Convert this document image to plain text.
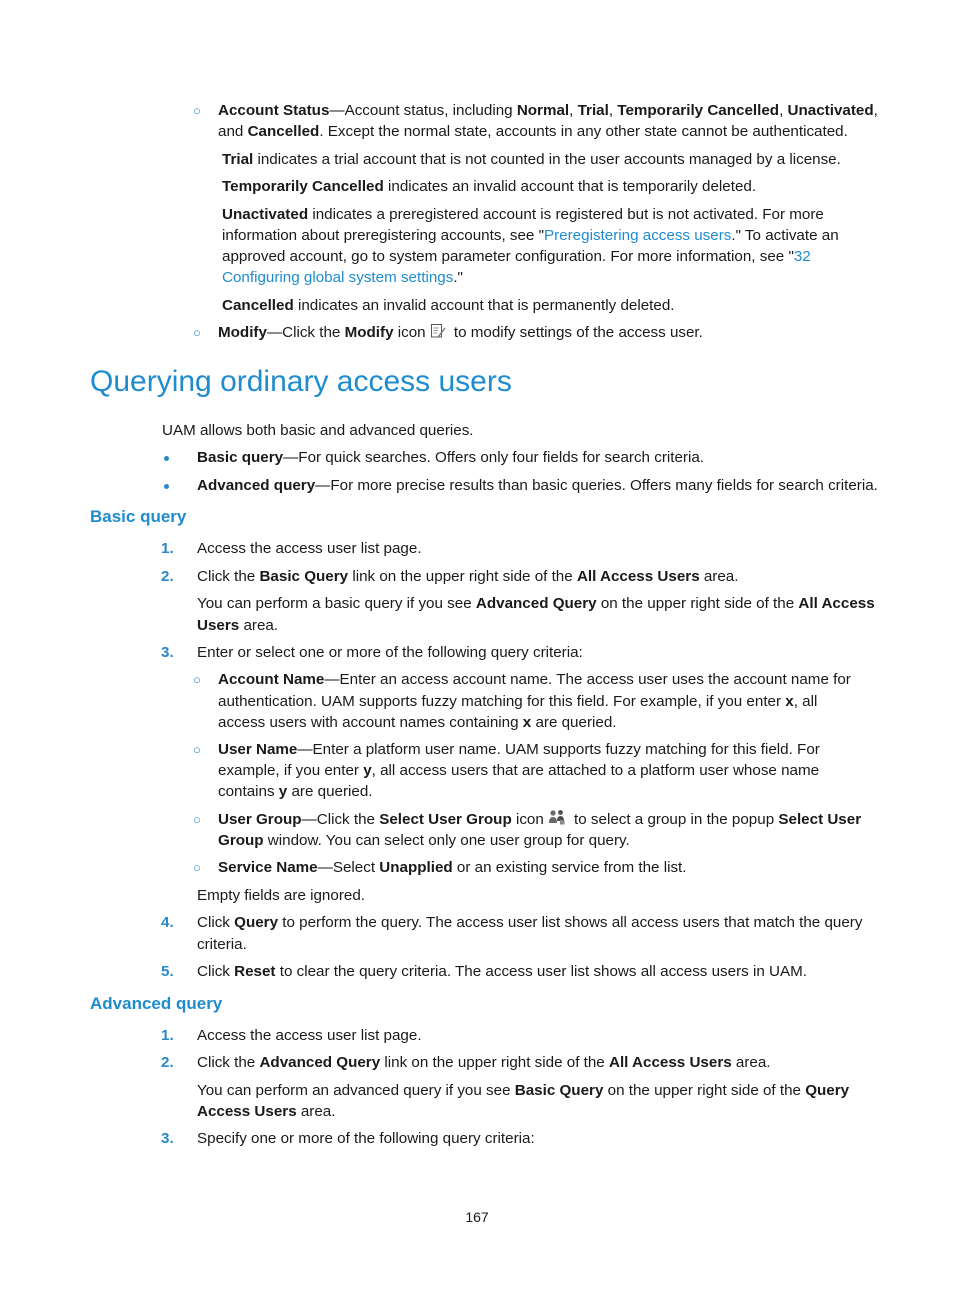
○ Account Status—Account status, including Normal, Trial, Temporarily Cancelled, Unactivated,
and Cancelled. Except the normal state, accounts in any other state cannot be authenticated.
Trial indicates a trial account that is not counted in the user accounts managed by a license.
Temporarily Cancelled indicates an invalid account that is temporarily deleted.
Unactivated indicates a preregistered account is registered but is not activated. For more
information about preregistering accounts, see "Preregistering access users." To activate an
approved account, go to system parameter configuration. For more information, see "32
Configuring global system settings."
Cancelled indicates an invalid account that is permanently deleted.
○ Modify—Click the Modify icon to modify settings of the access user.
Querying ordinary access users
UAM allows both basic and advanced queries.
Basic query—For quick searches. Offers only four fields for search criteria.
Advanced query—For more precise results than basic queries. Offers many fields for search criteria.
Basic query
1. Access the access user list page.
2. Click the Basic Query link on the upper right side of the All Access Users area.
You can perform a basic query if you see Advanced Query on the upper right side of the All Access
Users area.
3. Enter or select one or more of the following query criteria:
○ Account Name—Enter an access account name. The access user uses the account name for
authentication. UAM supports fuzzy matching for this field. For example, if you enter x, all
access users with account names containing x are queried.
○ User Name—Enter a platform user name. UAM supports fuzzy matching for this field. For
example, if you enter y, all access users that are attached to a platform user whose name
contains y are queried.
○ User Group—Click the Select User Group icon to select a group in the popup Select User
Group window. You can select only one user group for query.
○ Service Name—Select Unapplied or an existing service from the list.
Empty fields are ignored.
4. Click Query to perform the query. The access user list shows all access users that match the query
criteria.
5. Click Reset to clear the query criteria. The access user list shows all access users in UAM.
Advanced query
1. Access the access user list page.
2. Click the Advanced Query link on the upper right side of the All Access Users area.
You can perform an advanced query if you see Basic Query on the upper right side of the Query
Access Users area.
3. Specify one or more of the following query criteria:
167
